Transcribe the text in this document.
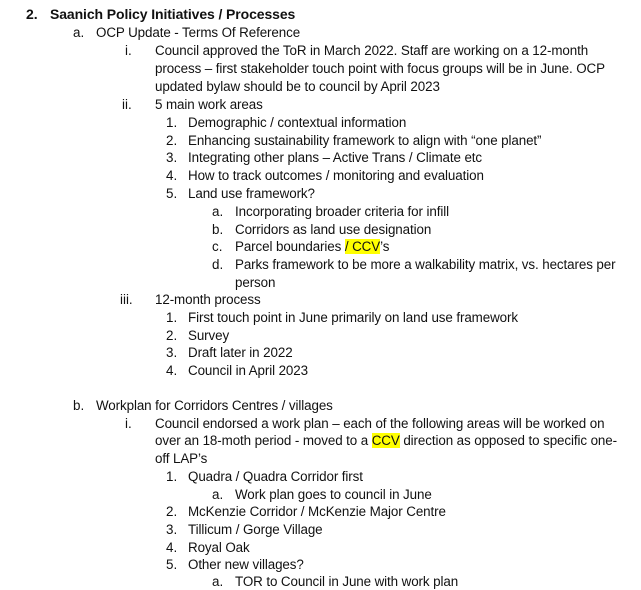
2. Saanich Policy Initiatives / Processes
a. OCP Update - Terms Of Reference
i. Council approved the ToR in March 2022. Staff are working on a 12-month
process – first stakeholder touch point with focus groups will be in June. OCP
updated bylaw should be to council by April 2023
ii. 5 main work areas
1. Demographic / contextual information
2. Enhancing sustainability framework to align with “one planet”
3. Integrating other plans – Active Trans / Climate etc
4. How to track outcomes / monitoring and evaluation
5. Land use framework?
a. Incorporating broader criteria for infill
b. Corridors as land use designation
c. Parcel boundaries / CCV’s
d. Parks framework to be more a walkability matrix, vs. hectares per
person
iii. 12-month process
1. First touch point in June primarily on land use framework
2. Survey
3. Draft later in 2022
4. Council in April 2023
b. Workplan for Corridors Centres / villages
i. Council endorsed a work plan – each of the following areas will be worked on
over an 18-moth period - moved to a CCV direction as opposed to specific one-
off LAP’s
1. Quadra / Quadra Corridor first
a. Work plan goes to council in June
2. McKenzie Corridor / McKenzie Major Centre
3. Tillicum / Gorge Village
4. Royal Oak
5. Other new villages?
a. TOR to Council in June with work plan
